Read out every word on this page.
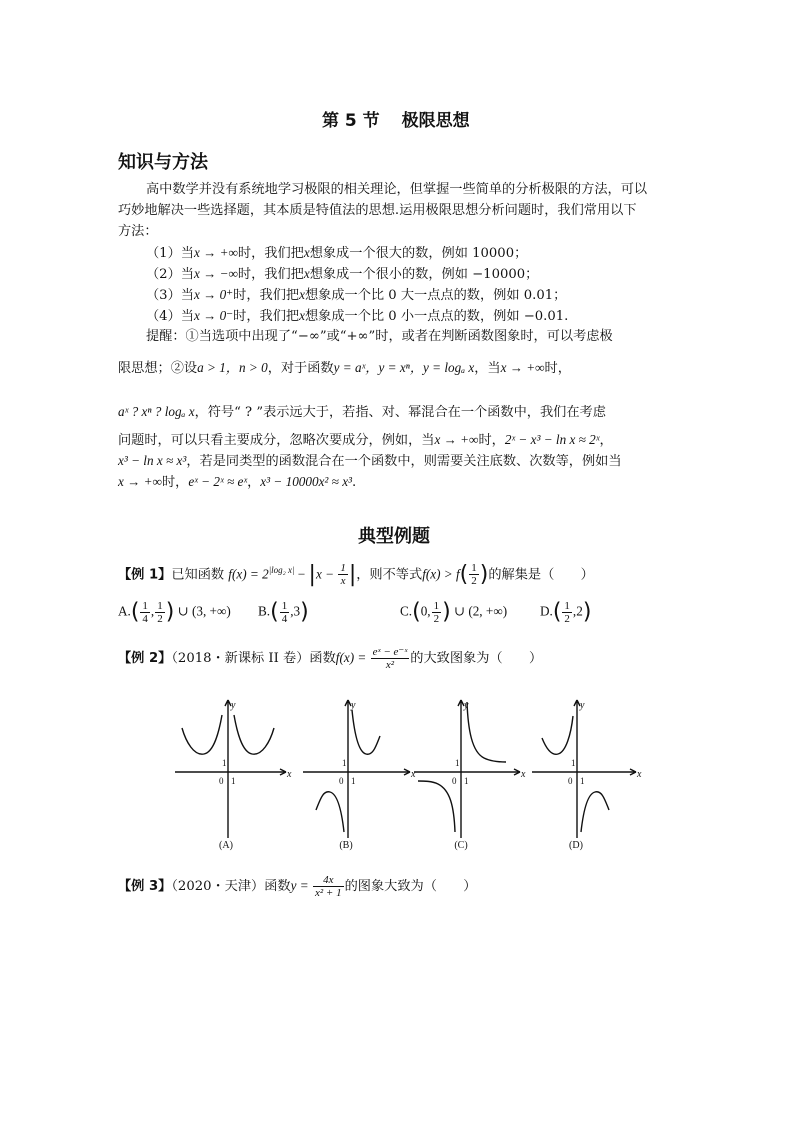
第 5 节 极限思想
知识与方法
高中数学并没有系统地学习极限的相关理论，但掌握一些简单的分析极限的方法，可以
巧妙地解决一些选择题，其本质是特值法的思想.运用极限思想分析问题时，我们常用以下
方法：
（1）当x → +∞时，我们把x想象成一个很大的数，例如 10000；
（2）当x → −∞时，我们把x想象成一个很小的数，例如 −10000；
（3）当x → 0⁺时，我们把x想象成一个比 0 大一点点的数，例如 0.01；
（4）当x → 0⁻时，我们把x想象成一个比 0 小一点点的数，例如 −0.01.
提醒：①当选项中出现了“−∞”或“+∞”时，或者在判断函数图象时，可以考虑极
限思想；②设a > 1，n > 0，对于函数y = aˣ，y = xⁿ，y = logₐ x，当x → +∞时，
aˣ ? xⁿ ? logₐ x，符号“ ? ”表示远大于，若指、对、幂混合在一个函数中，我们在考虑
问题时，可以只看主要成分，忽略次要成分，例如，当x → +∞时，2ˣ − x³ − ln x ≈ 2ˣ，
x³ − ln x ≈ x³，若是同类型的函数混合在一个函数中，则需要关注底数、次数等，例如当
x → +∞时，eˣ − 2ˣ ≈ eˣ，x³ − 10000x² ≈ x³.
典型例题
【例 1】已知函数 $f(x) = 2^{|log_2 x|} - |x - \frac{1}{x}$ |，则不等式$f(x) > f( \frac{1}{2}$ )的解集是（　　）
$A.( \frac{1}{4}$ , $\frac{1}{2}$ ) ∪ (3, +∞) $B.( \frac{1}{4} ,3)$	C.(0, $\frac{1}{2}$ ) ∪ (2, +∞) $D.( \frac{1}{2} ,2)$
【例 2】（2018・新课标 II 卷）函数$f(x) = \frac{\text{eˣ − e⁻ˣ}}{\text{x²}}$ 的大致图象为（　　）
y
x
y
x
y
x
y
x
0 1
1
0 1
1
0 1
1
0 1
1
(A)	(B)	(C)	(D)
【例 3】（2020・天津）函数$y = \frac{4x}{\text{x² + 1}}$ 的图象大致为（　　）
